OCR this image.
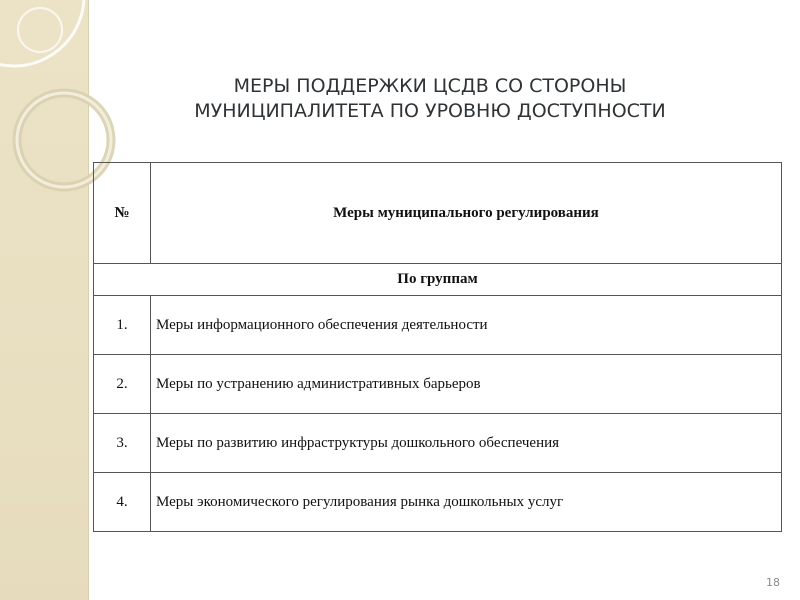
МЕРЫ ПОДДЕРЖКИ ЦСДВ СО СТОРОНЫ
МУНИЦИПАЛИТЕТА ПО УРОВНЮ ДОСТУПНОСТИ
№	Меры муниципального регулирования
По группам	
1.	Меры информационного обеспечения деятельности
2.	Меры по устранению административных барьеров
3.	Меры по развитию инфраструктуры дошкольного обеспечения
4.	Меры экономического регулирования рынка дошкольных услуг
18
